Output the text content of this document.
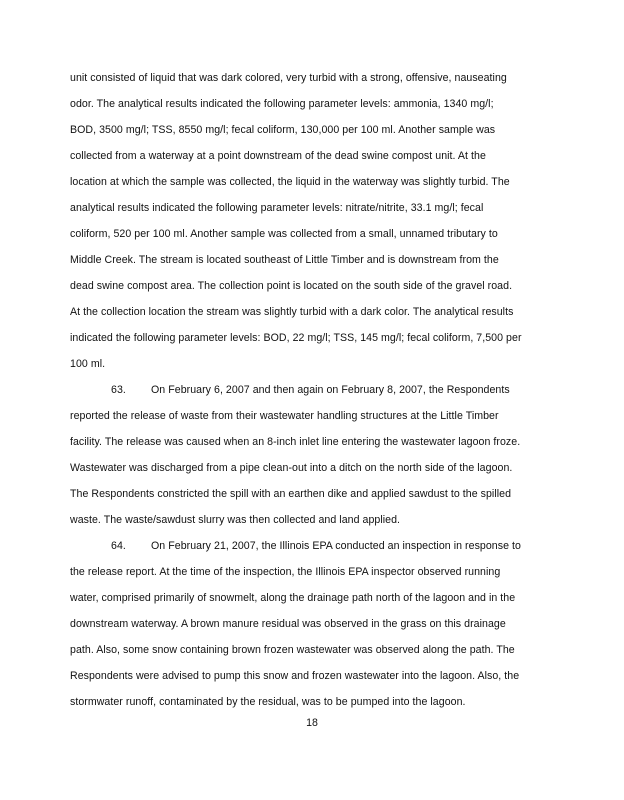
unit consisted of liquid that was dark colored, very turbid with a strong, offensive, nauseating
odor. The analytical results indicated the following parameter levels: ammonia, 1340 mg/l;
BOD, 3500 mg/l; TSS, 8550 mg/l; fecal coliform, 130,000 per 100 ml. Another sample was
collected from a waterway at a point downstream of the dead swine compost unit. At the
location at which the sample was collected, the liquid in the waterway was slightly turbid. The
analytical results indicated the following parameter levels: nitrate/nitrite, 33.1 mg/l; fecal
coliform, 520 per 100 ml. Another sample was collected from a small, unnamed tributary to
Middle Creek. The stream is located southeast of Little Timber and is downstream from the
dead swine compost area. The collection point is located on the south side of the gravel road.
At the collection location the stream was slightly turbid with a dark color. The analytical results
indicated the following parameter levels: BOD, 22 mg/l; TSS, 145 mg/l; fecal coliform, 7,500 per
100 ml.
63. On February 6, 2007 and then again on February 8, 2007, the Respondents
reported the release of waste from their wastewater handling structures at the Little Timber
facility. The release was caused when an 8-inch inlet line entering the wastewater lagoon froze.
Wastewater was discharged from a pipe clean-out into a ditch on the north side of the lagoon.
The Respondents constricted the spill with an earthen dike and applied sawdust to the spilled
waste. The waste/sawdust slurry was then collected and land applied.
64. On February 21, 2007, the Illinois EPA conducted an inspection in response to
the release report. At the time of the inspection, the Illinois EPA inspector observed running
water, comprised primarily of snowmelt, along the drainage path north of the lagoon and in the
downstream waterway. A brown manure residual was observed in the grass on this drainage
path. Also, some snow containing brown frozen wastewater was observed along the path. The
Respondents were advised to pump this snow and frozen wastewater into the lagoon. Also, the
stormwater runoff, contaminated by the residual, was to be pumped into the lagoon.
18
